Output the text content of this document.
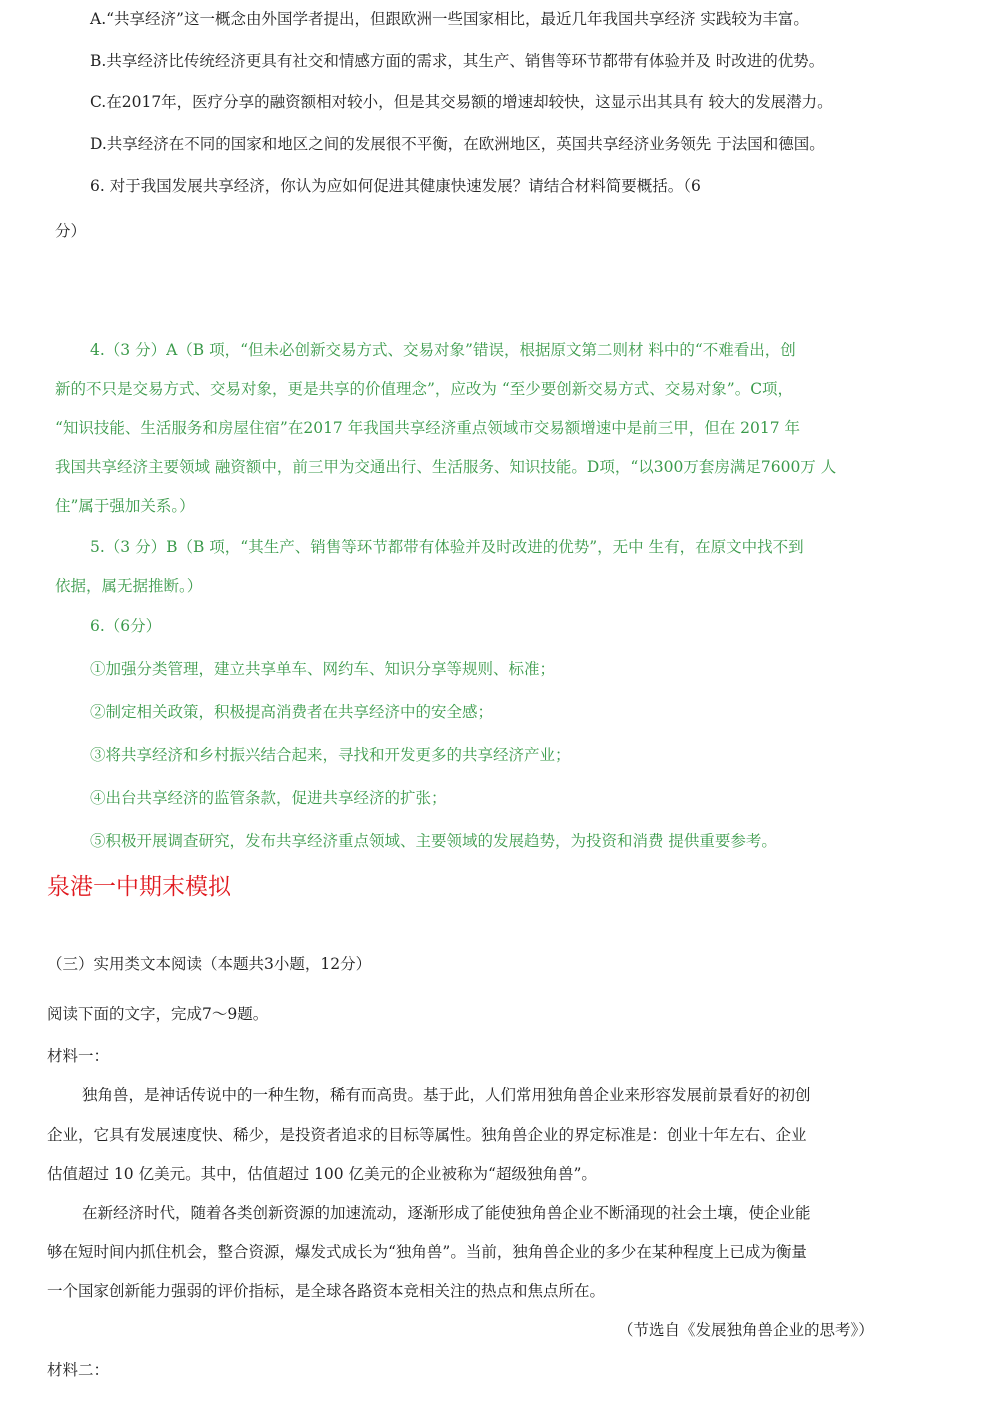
A.“共享经济”这一概念由外国学者提出，但跟欧洲一些国家相比，最近几年我国共享经济 实践较为丰富。
B.共享经济比传统经济更具有社交和情感方面的需求，其生产、销售等环节都带有体验并及 时改进的优势。
C.在2017年，医疗分享的融资额相对较小，但是其交易额的增速却较快，这显示出其具有 较大的发展潜力。
D.共享经济在不同的国家和地区之间的发展很不平衡，在欧洲地区，英国共享经济业务领先 于法国和德国。
6. 对于我国发展共享经济，你认为应如何促进其健康快速发展？请结合材料简要概括。（6
分）
4.（3 分）A（B 项，“但未必创新交易方式、交易对象”错误，根据原文第二则材 料中的“不难看出，创
新的不只是交易方式、交易对象，更是共享的价值理念”，应改为 “至少要创新交易方式、交易对象”。C项，
“知识技能、生活服务和房屋住宿”在2017 年我国共享经济重点领域市交易额增速中是前三甲，但在 2017 年
我国共享经济主要领域 融资额中，前三甲为交通出行、生活服务、知识技能。D项，“以300万套房满足7600万 人
住”属于强加关系。）
5.（3 分）B（B 项，“其生产、销售等环节都带有体验并及时改进的优势”，无中 生有，在原文中找不到
依据，属无据推断。）
6.（6分）
①加强分类管理，建立共享单车、网约车、知识分享等规则、标准；
②制定相关政策，积极提高消费者在共享经济中的安全感；
③将共享经济和乡村振兴结合起来，寻找和开发更多的共享经济产业；
④出台共享经济的监管条款，促进共享经济的扩张；
⑤积极开展调查研究，发布共享经济重点领域、主要领域的发展趋势，为投资和消费 提供重要参考。
泉港一中期末模拟
（三）实用类文本阅读（本题共3小题，12分）
阅读下面的文字，完成7～9题。
材料一：
独角兽，是神话传说中的一种生物，稀有而高贵。基于此，人们常用独角兽企业来形容发展前景看好的初创
企业，它具有发展速度快、稀少，是投资者追求的目标等属性。独角兽企业的界定标准是：创业十年左右、企业
估值超过 10 亿美元。其中，估值超过 100 亿美元的企业被称为“超级独角兽”。
在新经济时代，随着各类创新资源的加速流动，逐渐形成了能使独角兽企业不断涌现的社会土壤，使企业能
够在短时间内抓住机会，整合资源，爆发式成长为“独角兽”。当前，独角兽企业的多少在某种程度上已成为衡量
一个国家创新能力强弱的评价指标，是全球各路资本竞相关注的热点和焦点所在。
（节选自《发展独角兽企业的思考》）
材料二：
